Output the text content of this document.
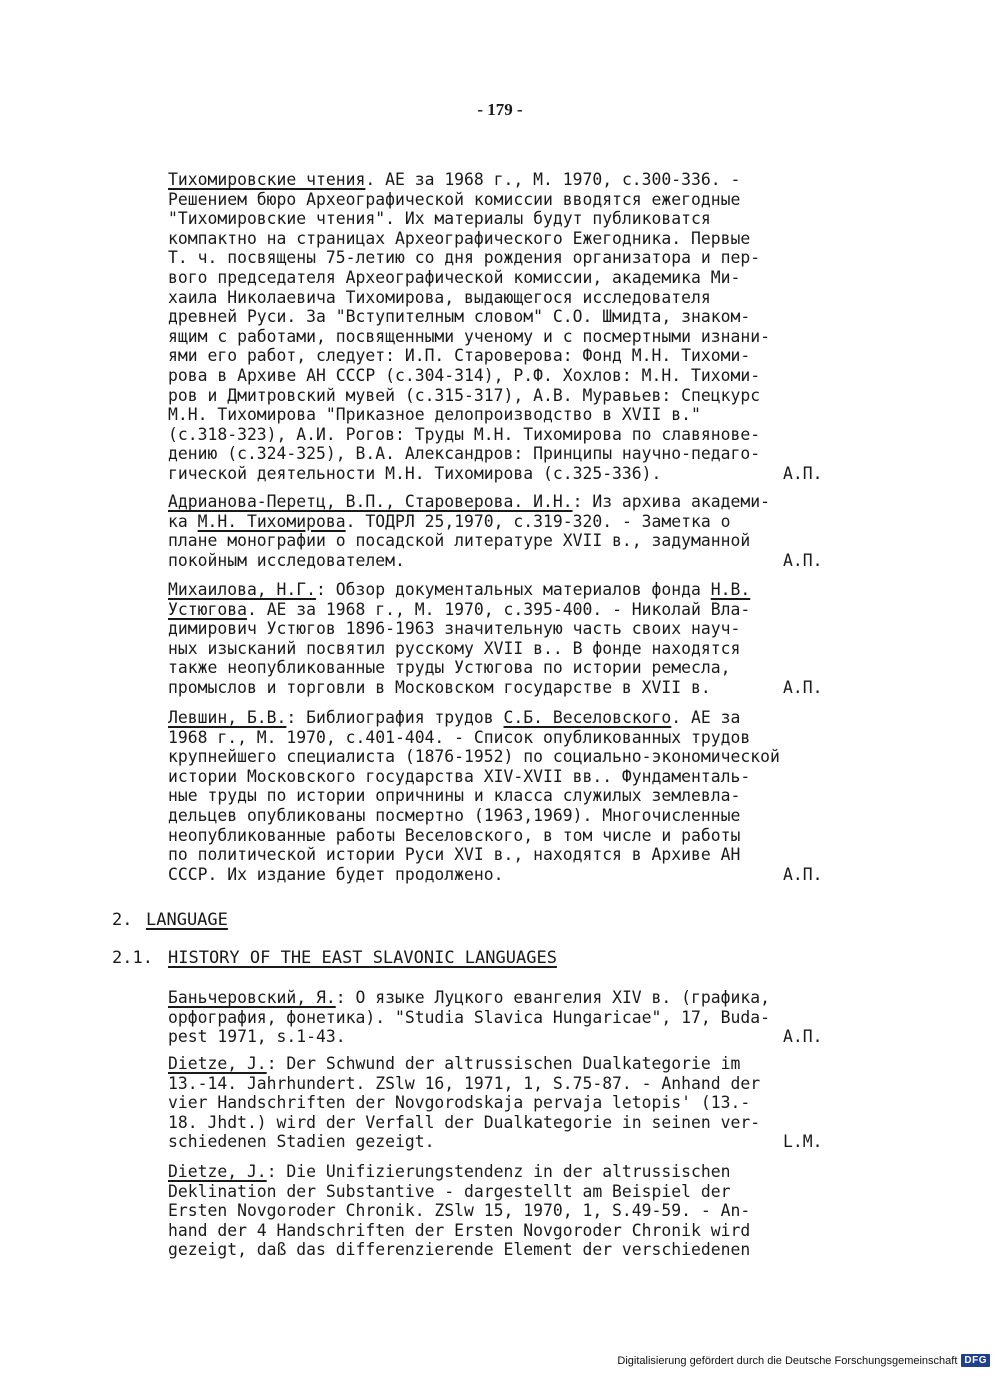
- 179 -
Тихомировские чтения. АЕ за 1968 г., М. 1970, с.300-336. -
Решением бюро Археографической комиссии вводятся ежегодные
"Тихомировские чтения". Их материалы будут публиковатся
компактно на страницах Археографического Ежегодника. Первые
Т. ч. посвящены 75-летию со дня рождения организатора и пер-
вого председателя Археографической комиссии, академика Ми-
хаила Николаевича Тихомирова, выдающегося исследователя
древней Руси. За "Вступителным словом" С.О. Шмидта, знаком-
ящим с работами, посвященными ученому и с посмертными изнани-
ями его работ, следует: И.П. Староверова: Фонд М.Н. Тихоми-
рова в Архиве АН СССР (с.304-314), Р.Ф. Хохлов: М.Н. Тихоми-
ров и Дмитровский мувей (с.315-317), А.В. Муравьев: Спецкурс
М.Н. Тихомирова "Приказное делопроизводство в XVII в."
(с.318-323), А.И. Рогов: Труды М.Н. Тихомирова по славянове-
дению (с.324-325), В.А. Александров: Принципы научно-педаго-
гической деятельности М.Н. Тихомирова (с.325-336).	А.П.
Адрианова-Перетц, В.П., Староверова. И.Н.: Из архива академи-
ка М.Н. Тихомирова. ТОДРЛ 25,1970, с.319-320. - Заметка о
плане монографии о посадской литературе XVII в., задуманной
покойным исследователем.	А.П.
Михаилова, Н.Г.: Обзор документальных материалов фонда Н.В.
Устюгова. АЕ за 1968 г., М. 1970, с.395-400. - Николай Вла-
димирович Устюгов 1896-1963 значительную часть своих науч-
ных изысканий посвятил русскому XVII в.. В фонде находятся
также неопубликованные труды Устюгова по истории ремесла,
промыслов и торговли в Московском государстве в XVII в.	А.П.
Левшин, Б.В.: Библиография трудов С.Б. Веселовского. АЕ за
1968 г., М. 1970, с.401-404. - Список опубликованных трудов
крупнейшего специалиста (1876-1952) по социально-экономической
истории Московского государства XIV-XVII вв.. Фундаменталь-
ные труды по истории опричнины и класса служилых землевла-
дельцев опубликованы посмертно (1963,1969). Многочисленные
неопубликованные работы Веселовского, в том числе и работы
по политической истории Руси XVI в., находятся в Архиве АН
СССР. Их издание будет продолжено.	А.П.
2. LANGUAGE
2.1. HISTORY OF THE EAST SLAVONIC LANGUAGES
Баньчеровский, Я.: О языке Луцкого евангелия XIV в. (графика,
орфография, фонетика). "Studia Slavica Hungaricae", 17, Buda-
pest 1971, s.1-43.	А.П.
Dietze, J.: Der Schwund der altrussischen Dualkategorie im
13.-14. Jahrhundert. ZSlw 16, 1971, 1, S.75-87. - Anhand der
vier Handschriften der Novgorodskaja pervaja letopis' (13.-
18. Jhdt.) wird der Verfall der Dualkategorie in seinen ver-
schiedenen Stadien gezeigt.	L.M.
Dietze, J.: Die Unifizierungstendenz in der altrussischen
Deklination der Substantive - dargestellt am Beispiel der
Ersten Novgoroder Chronik. ZSlw 15, 1970, 1, S.49-59. - An-
hand der 4 Handschriften der Ersten Novgoroder Chronik wird
gezeigt, daß das differenzierende Element der verschiedenen
Digitalisierung gefördert durch die Deutsche Forschungsgemeinschaft DFG
